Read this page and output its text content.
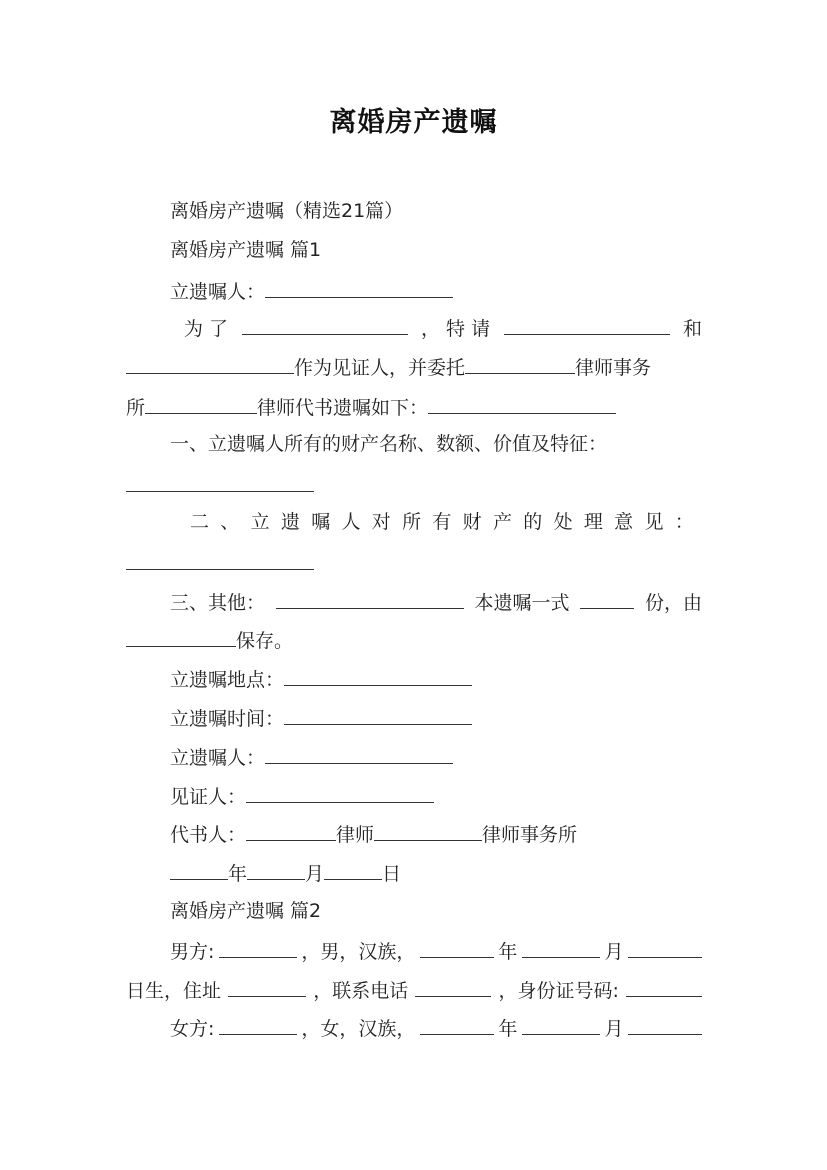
离婚房产遗嘱
离婚房产遗嘱（精选21篇）
离婚房产遗嘱 篇1
立遗嘱人：
为 了	， 特 请	和
作为见证人，并委托	律师事务
所	律师代书遗嘱如下：
一、立遗嘱人所有的财产名称、数额、价值及特征：
二 、 立 遗 嘱 人 对 所 有 财 产 的 处 理 意 见 ：
三、其他：	本遗嘱一式	份，由
保存。
立遗嘱地点：
立遗嘱时间：
立遗嘱人：
见证人：
代书人：	律师	律师事务所
年	月	日
离婚房产遗嘱 篇2
男方:	，男，汉族，	年	月
日生，住址	，联系电话	，身份证号码:
女方:	，女，汉族，	年	月
